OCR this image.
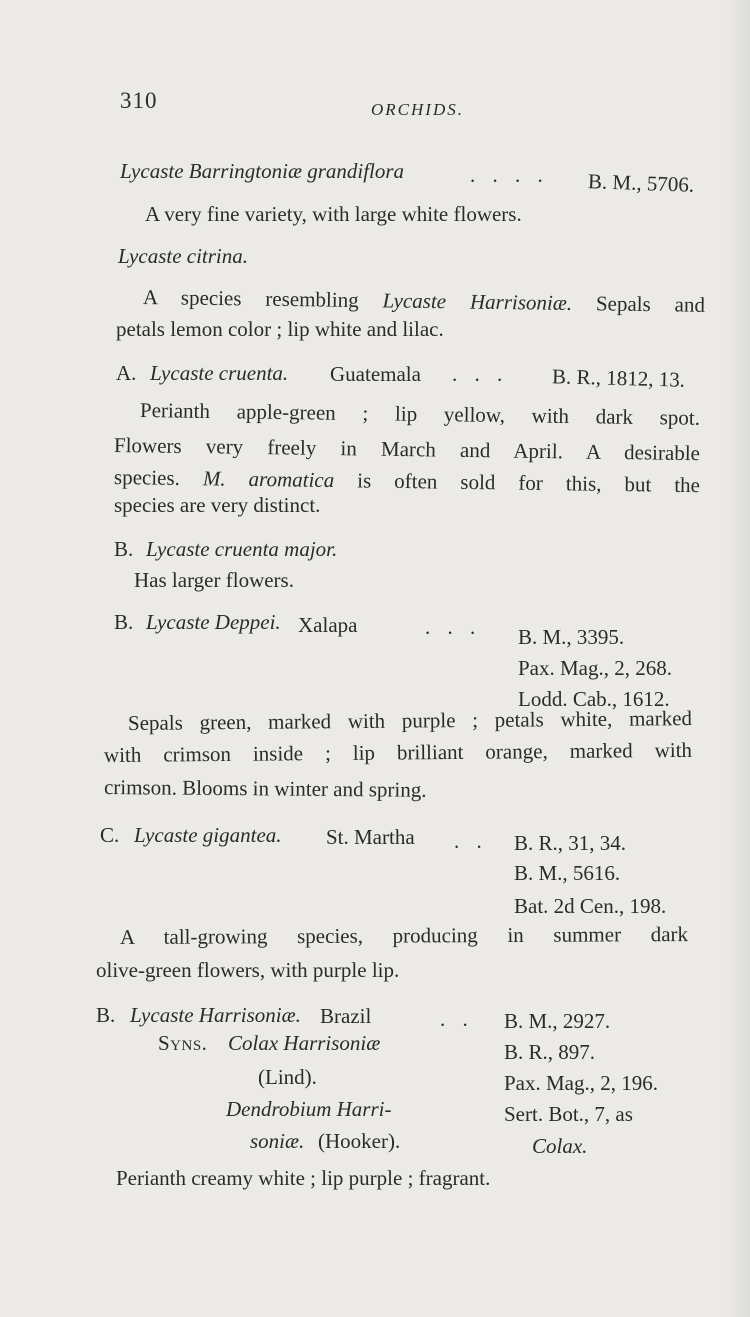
310	ORCHIDS.
Lycaste Barringtoniæ grandiflora	. . . . B. M., 5706.
A very fine variety, with large white flowers.
Lycaste citrina.
A species resembling Lycaste Harrisoniæ. Sepals and
petals lemon color ; lip white and lilac.
A. Lycaste cruenta. Guatemala . . . B. R., 1812, 13.
Perianth apple-green ; lip yellow, with dark spot.
Flowers very freely in March and April. A desirable
species. M. aromatica is often sold for this, but the
species are very distinct.
B. Lycaste cruenta major.
Has larger flowers.
B. Lycaste Deppei. Xalapa	. . . B. M., 3395.
Pax. Mag., 2, 268.
Lodd. Cab., 1612.
Sepals green, marked with purple ; petals white, marked
with crimson inside ; lip brilliant orange, marked with
crimson. Blooms in winter and spring.
C. Lycaste gigantea. St. Martha . . B. R., 31, 34.
B. M., 5616.
Bat. 2d Cen., 198.
A tall-growing species, producing in summer dark
olive-green flowers, with purple lip.
B. Lycaste Harrisoniæ. Brazil	. . B. M., 2927.
B. R., 897.
Pax. Mag., 2, 196.
Sert. Bot., 7, as
Colax.
Syns. Colax Harrisoniæ
(Lind).
Dendrobium Harri-
soniæ. (Hooker).
Perianth creamy white ; lip purple ; fragrant.
